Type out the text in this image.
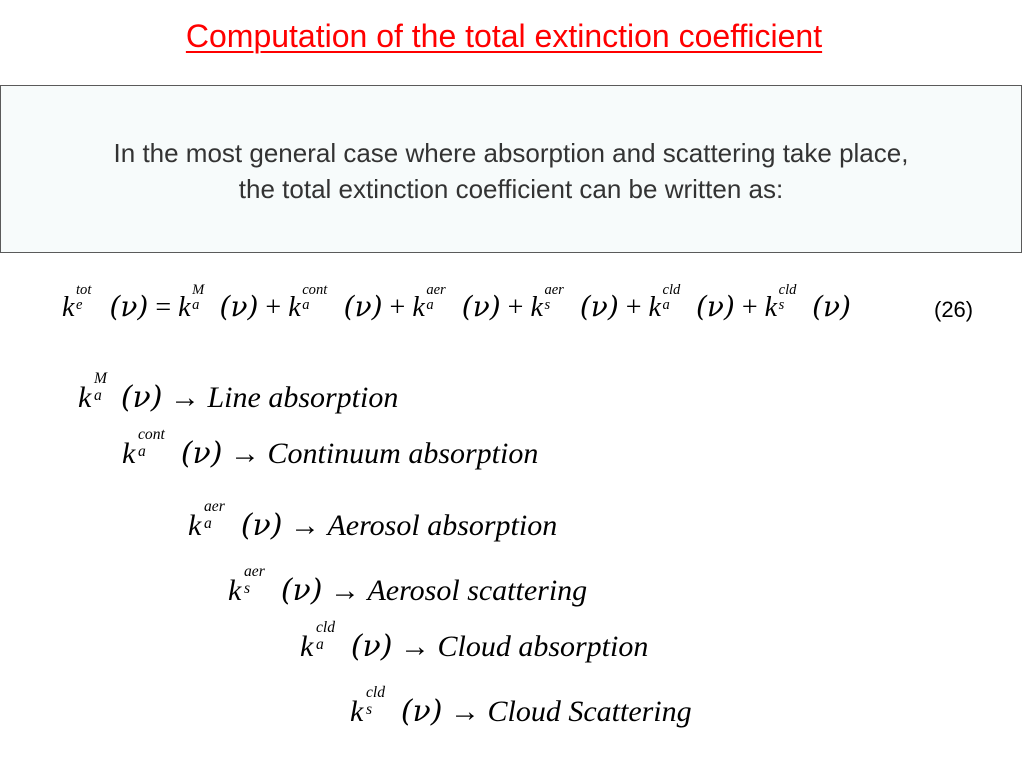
Computation of the total extinction coefficient
In the most general case where absorption and scattering take place,
the total extinction coefficient can be written as:
k
tot
e (ν) = k
M
a (ν) + k
cont
a (ν) + k
aer
a (ν) + k
aer
s (ν) + k
cld
a (ν) + k
cld
s (ν)	(26)
k
M
a (ν) → Line absorption
k
cont
a (ν) → Continuum absorption
k
aer
a (ν) → Aerosol absorption
k
aer
s (ν) → Aerosol scattering
k
cld
a (ν) → Cloud absorption
k
cld
s (ν) → Cloud Scattering
